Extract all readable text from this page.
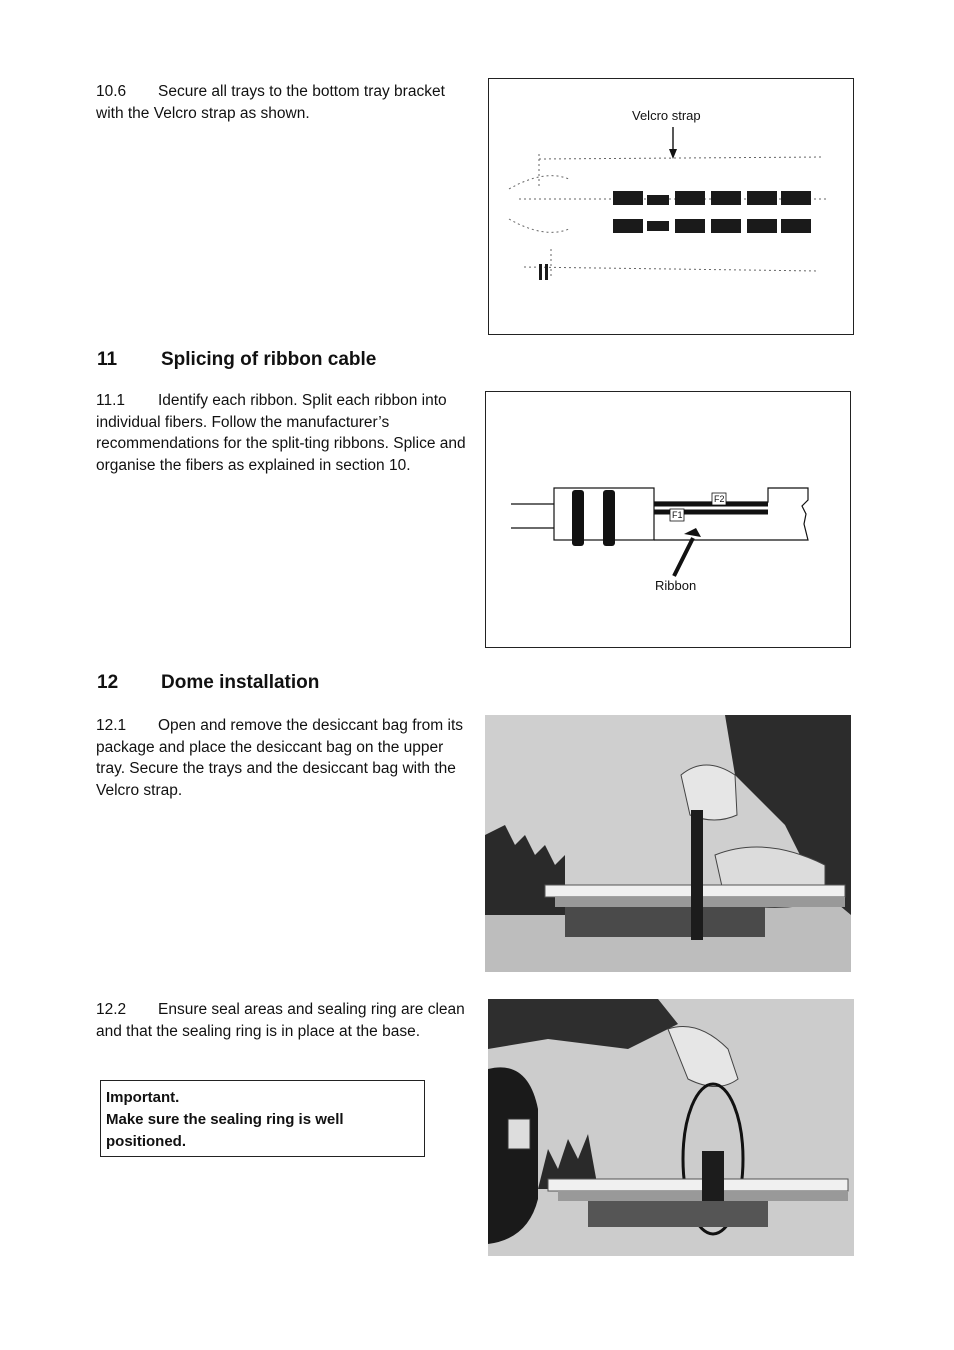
10.6 Secure all trays to the bottom tray bracket with the Velcro strap as shown.	Velcro strap
11 Splicing of ribbon cable
11.1 Identify each ribbon. Split each ribbon into individual fibers. Follow the manufacturer’s recommendations for the split-ting ribbons. Splice and organise the fibers as explained in section 10.
F2
F1
Ribbon
12 Dome installation
12.1 Open and remove the desiccant bag from its package and place the desiccant bag on the upper tray. Secure the trays and the desiccant bag with the Velcro strap.
12.2 Ensure seal areas and sealing ring are clean and that the sealing ring is in place at the base.
Important.
Make sure the sealing ring is well positioned.
